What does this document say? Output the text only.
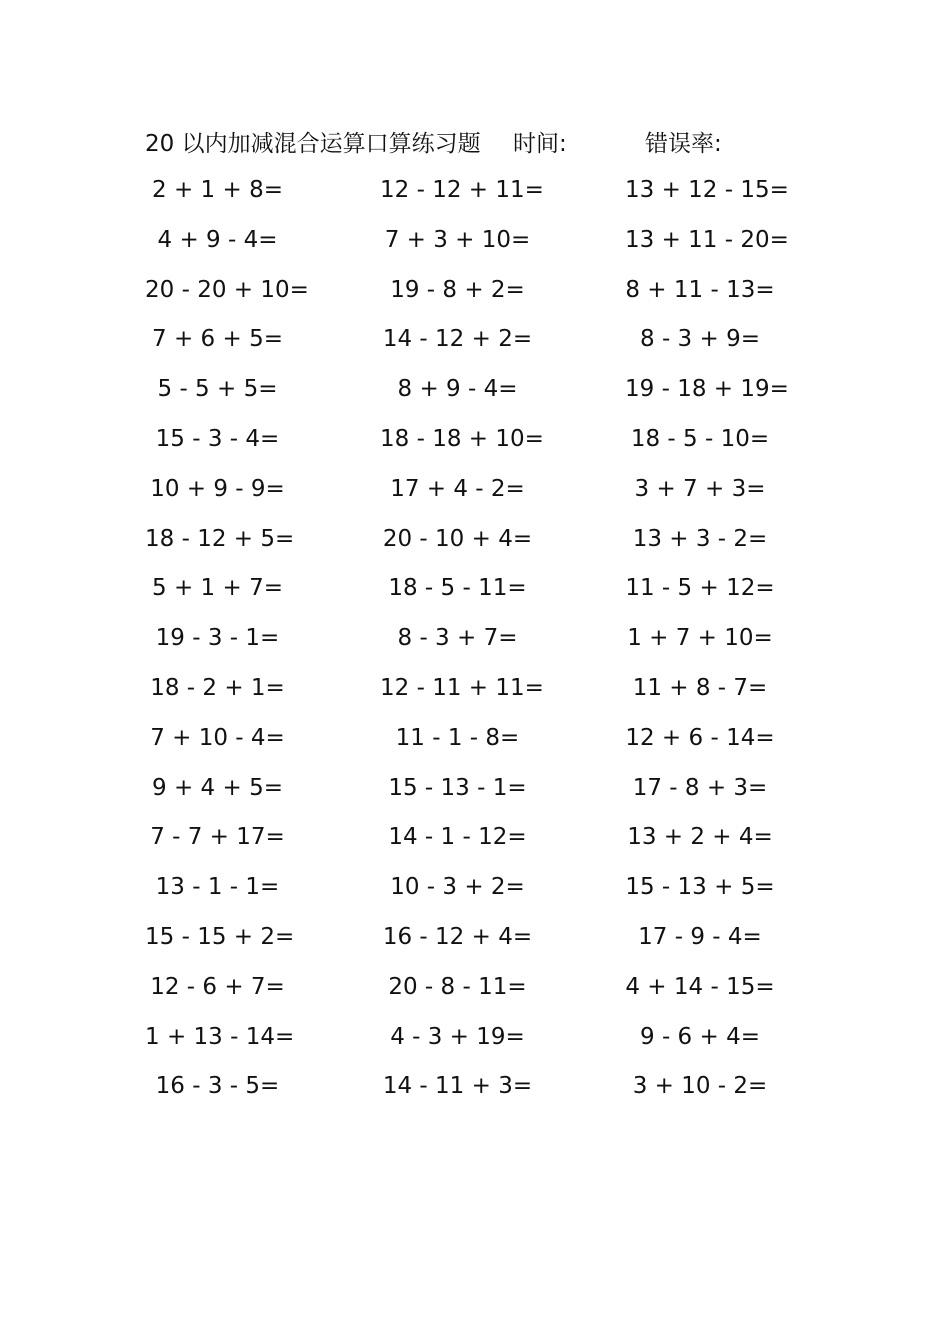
20 以内加减混合运算口算练习题 时间:	错误率:
2 + 1 + 8=	12 - 12 + 11=	13 + 12 - 15=
4 + 9 - 4=	7 + 3 + 10=	13 + 11 - 20=
20 - 20 + 10=	19 - 8 + 2=	8 + 11 - 13=
7 + 6 + 5=	14 - 12 + 2=	8 - 3 + 9=
5 - 5 + 5=	8 + 9 - 4=	19 - 18 + 19=
15 - 3 - 4=	18 - 18 + 10=	18 - 5 - 10=
10 + 9 - 9=	17 + 4 - 2=	3 + 7 + 3=
18 - 12 + 5=	20 - 10 + 4=	13 + 3 - 2=
5 + 1 + 7=	18 - 5 - 11=	11 - 5 + 12=
19 - 3 - 1=	8 - 3 + 7=	1 + 7 + 10=
18 - 2 + 1=	12 - 11 + 11=	11 + 8 - 7=
7 + 10 - 4=	11 - 1 - 8=	12 + 6 - 14=
9 + 4 + 5=	15 - 13 - 1=	17 - 8 + 3=
7 - 7 + 17=	14 - 1 - 12=	13 + 2 + 4=
13 - 1 - 1=	10 - 3 + 2=	15 - 13 + 5=
15 - 15 + 2=	16 - 12 + 4=	17 - 9 - 4=
12 - 6 + 7=	20 - 8 - 11=	4 + 14 - 15=
1 + 13 - 14=	4 - 3 + 19=	9 - 6 + 4=
16 - 3 - 5=	14 - 11 + 3=	3 + 10 - 2=
